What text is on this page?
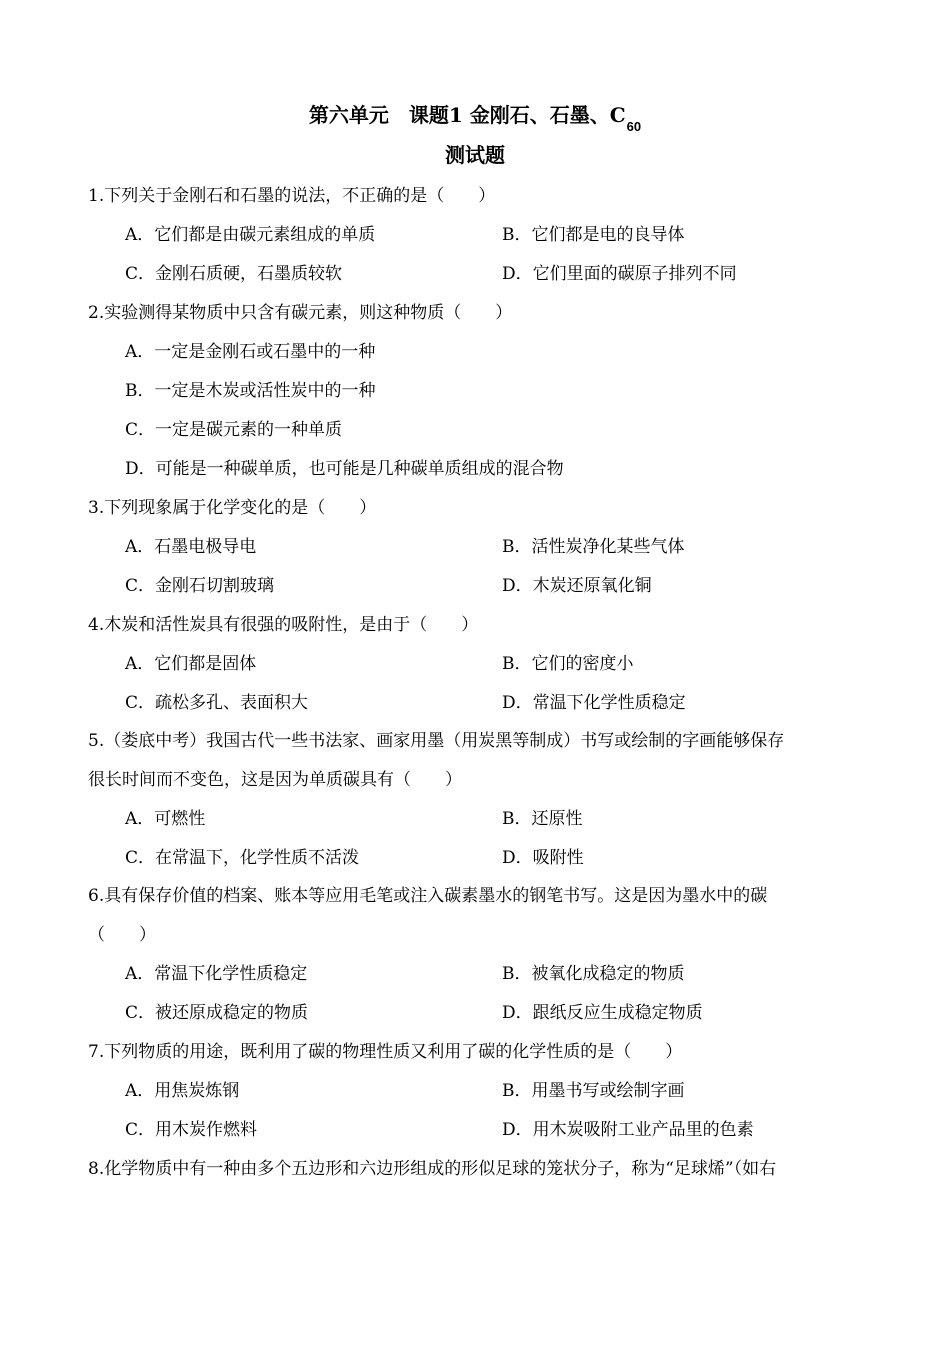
第六单元　课题1 金刚石、石墨、$C_{60}$
测试题
1.下列关于金刚石和石墨的说法，不正确的是（　　）
A．它们都是由碳元素组成的单质	B．它们都是电的良导体
C．金刚石质硬，石墨质较软	D．它们里面的碳原子排列不同
2.实验测得某物质中只含有碳元素，则这种物质（　　）
A．一定是金刚石或石墨中的一种
B．一定是木炭或活性炭中的一种
C．一定是碳元素的一种单质
D．可能是一种碳单质，也可能是几种碳单质组成的混合物
3.下列现象属于化学变化的是（　　）
A．石墨电极导电	B．活性炭净化某些气体
C．金刚石切割玻璃	D．木炭还原氧化铜
4.木炭和活性炭具有很强的吸附性，是由于（　　）
A．它们都是固体	B．它们的密度小
C．疏松多孔、表面积大	D．常温下化学性质稳定
5.（娄底中考）我国古代一些书法家、画家用墨（用炭黑等制成）书写或绘制的字画能够保存
很长时间而不变色，这是因为单质碳具有（　　）
A．可燃性	B．还原性
C．在常温下，化学性质不活泼	D．吸附性
6.具有保存价值的档案、账本等应用毛笔或注入碳素墨水的钢笔书写。这是因为墨水中的碳
（　　）
A．常温下化学性质稳定	B．被氧化成稳定的物质
C．被还原成稳定的物质	D．跟纸反应生成稳定物质
7.下列物质的用途，既利用了碳的物理性质又利用了碳的化学性质的是（　　）
A．用焦炭炼钢	B．用墨书写或绘制字画
C．用木炭作燃料	D．用木炭吸附工业产品里的色素
8.化学物质中有一种由多个五边形和六边形组成的形似足球的笼状分子，称为“足球烯”（如右
